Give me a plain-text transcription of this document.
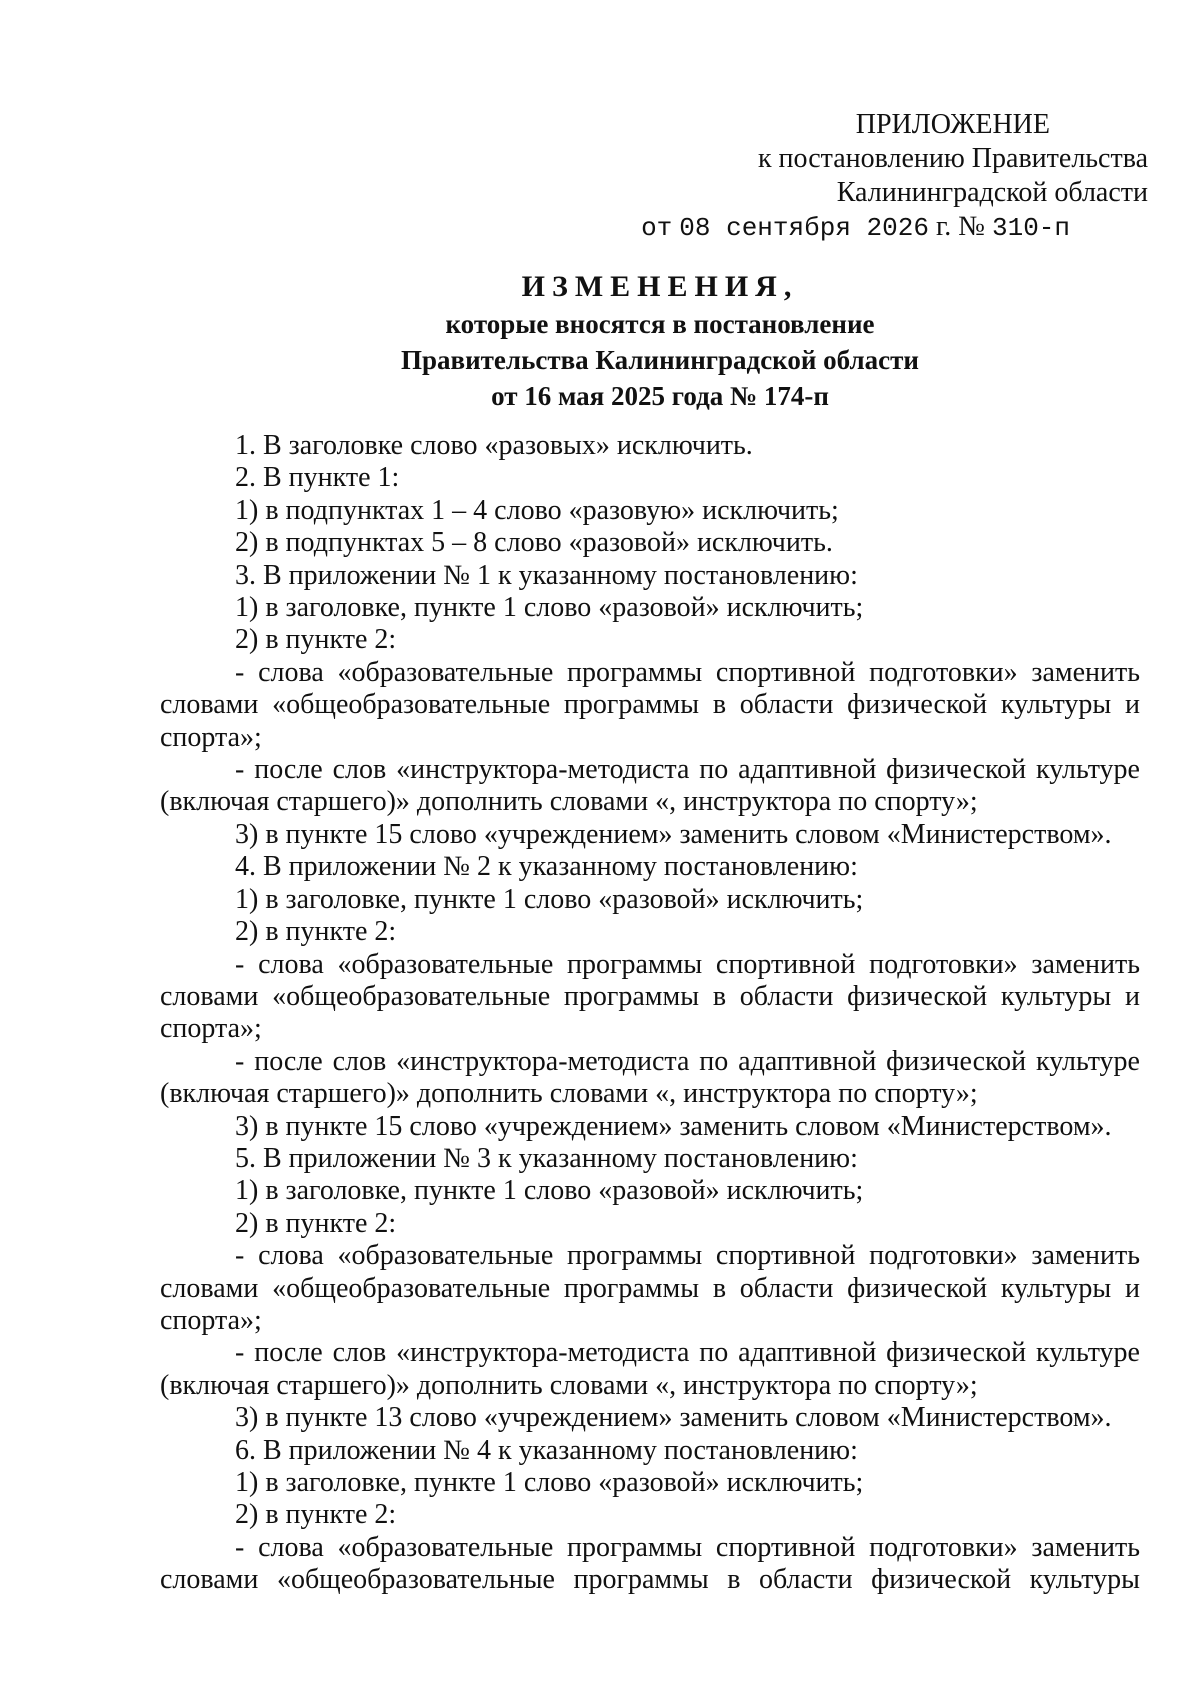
ПРИЛОЖЕНИЕ
к постановлению Правительства
Калининградской области
от 08 сентября 2026 г. № 310-п
ИЗМЕНЕНИЯ,
которые вносятся в постановление
Правительства Калининградской области
от 16 мая 2025 года № 174-п

1. В заголовке слово «разовых» исключить.

2. В пункте 1:

1) в подпунктах 1 – 4 слово «разовую» исключить;

2) в подпунктах 5 – 8 слово «разовой» исключить.

3. В приложении № 1 к указанному постановлению:

1) в заголовке, пункте 1 слово «разовой» исключить;

2) в пункте 2:

- слова «образовательные программы спортивной подготовки» заменить словами «общеобразовательные программы в области физической культуры и спорта»;

- после слов «инструктора-методиста по адаптивной физической культуре (включая старшего)» дополнить словами «, инструктора по спорту»;

3) в пункте 15 слово «учреждением» заменить словом «Министерством».

4. В приложении № 2 к указанному постановлению:

1) в заголовке, пункте 1 слово «разовой» исключить;

2) в пункте 2:

- слова «образовательные программы спортивной подготовки» заменить словами «общеобразовательные программы в области физической культуры и спорта»;

- после слов «инструктора-методиста по адаптивной физической культуре (включая старшего)» дополнить словами «, инструктора по спорту»;

3) в пункте 15 слово «учреждением» заменить словом «Министерством».

5. В приложении № 3 к указанному постановлению:

1) в заголовке, пункте 1 слово «разовой» исключить;

2) в пункте 2:

- слова «образовательные программы спортивной подготовки» заменить словами «общеобразовательные программы в области физической культуры и спорта»;

- после слов «инструктора-методиста по адаптивной физической культуре (включая старшего)» дополнить словами «, инструктора по спорту»;

3) в пункте 13 слово «учреждением» заменить словом «Министерством».

6. В приложении № 4 к указанному постановлению:

1) в заголовке, пункте 1 слово «разовой» исключить;

2) в пункте 2:

- слова «образовательные программы спортивной подготовки» заменить словами «общеобразовательные программы в области физической культуры
